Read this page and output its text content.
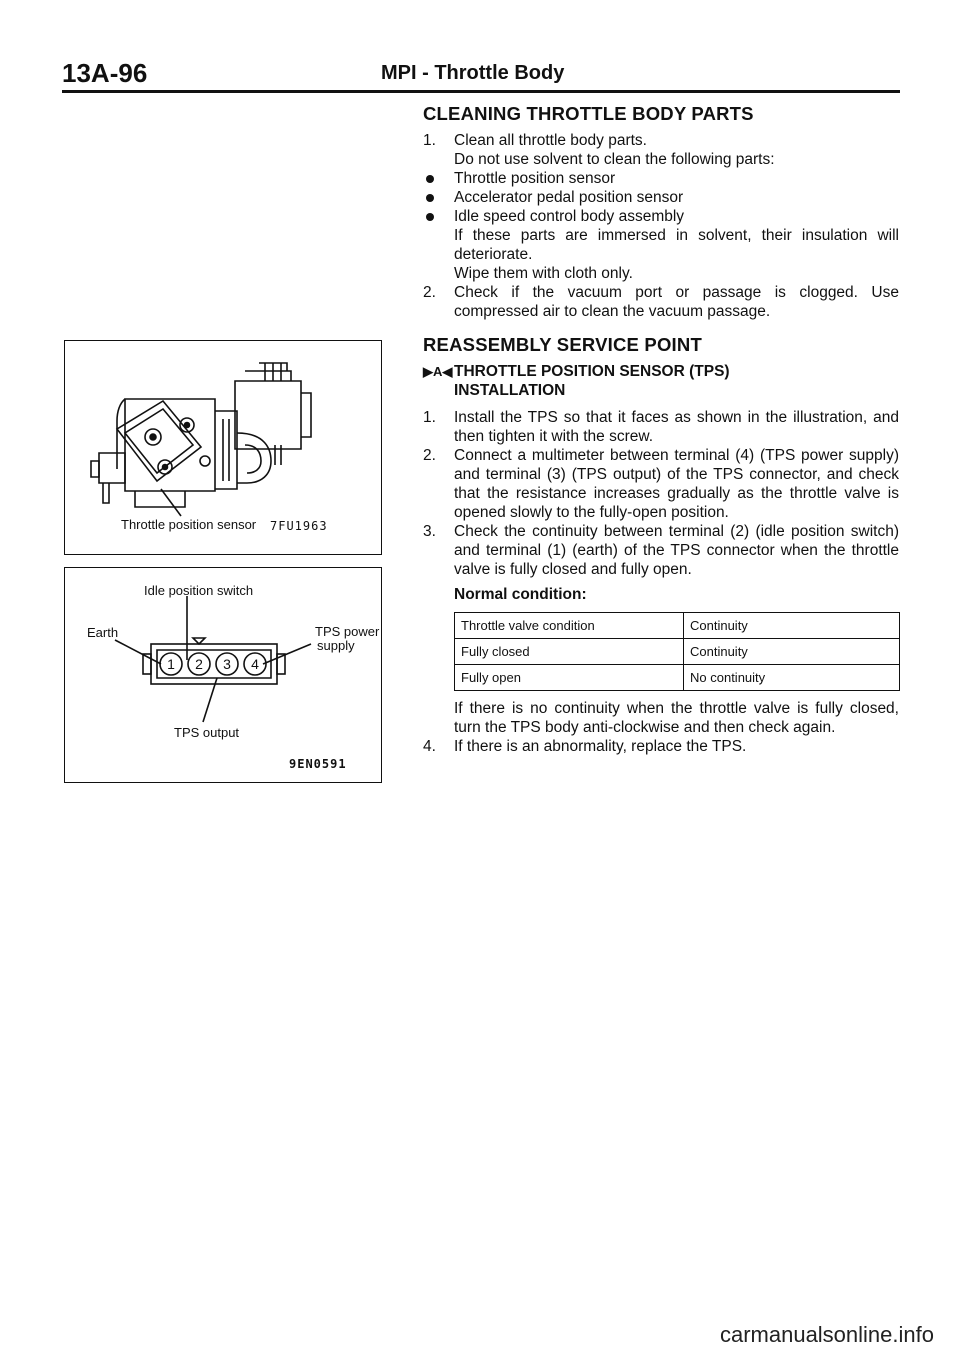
13A-96	MPI - Throttle Body
Throttle position sensor 7FU1963
1 2 3 4
Idle position switch
Earth	TPS power
supply
TPS output
9EN0591
CLEANING THROTTLE BODY PARTS
1. Clean all throttle body parts.

Do not use solvent to clean the following parts:

Throttle position sensor
Accelerator pedal position sensor
Idle speed control body assembly

If these parts are immersed in solvent, their insulation will deteriorate.

Wipe them with cloth only.

2. Check if the vacuum port or passage is clogged. Use compressed air to clean the vacuum passage.

REASSEMBLY SERVICE POINT
▶A◀ THROTTLE POSITION SENSOR (TPS)
INSTALLATION
1. Install the TPS so that it faces as shown in the illustration, and then tighten it with the screw.

2. Connect a multimeter between terminal (4) (TPS power supply) and terminal (3) (TPS output) of the TPS connector, and check that the resistance increases gradually as the throttle valve is opened slowly to the fully-open position.

3. Check the continuity between terminal (2) (idle position switch) and terminal (1) (earth) of the TPS connector when the throttle valve is fully closed and fully open.

Normal condition:
Throttle valve condition	Continuity
Fully closed	Continuity
Fully open	No continuity

If there is no continuity when the throttle valve is fully closed, turn the TPS body anti-clockwise and then check again.

4. If there is an abnormality, replace the TPS.

carmanualsonline.info
